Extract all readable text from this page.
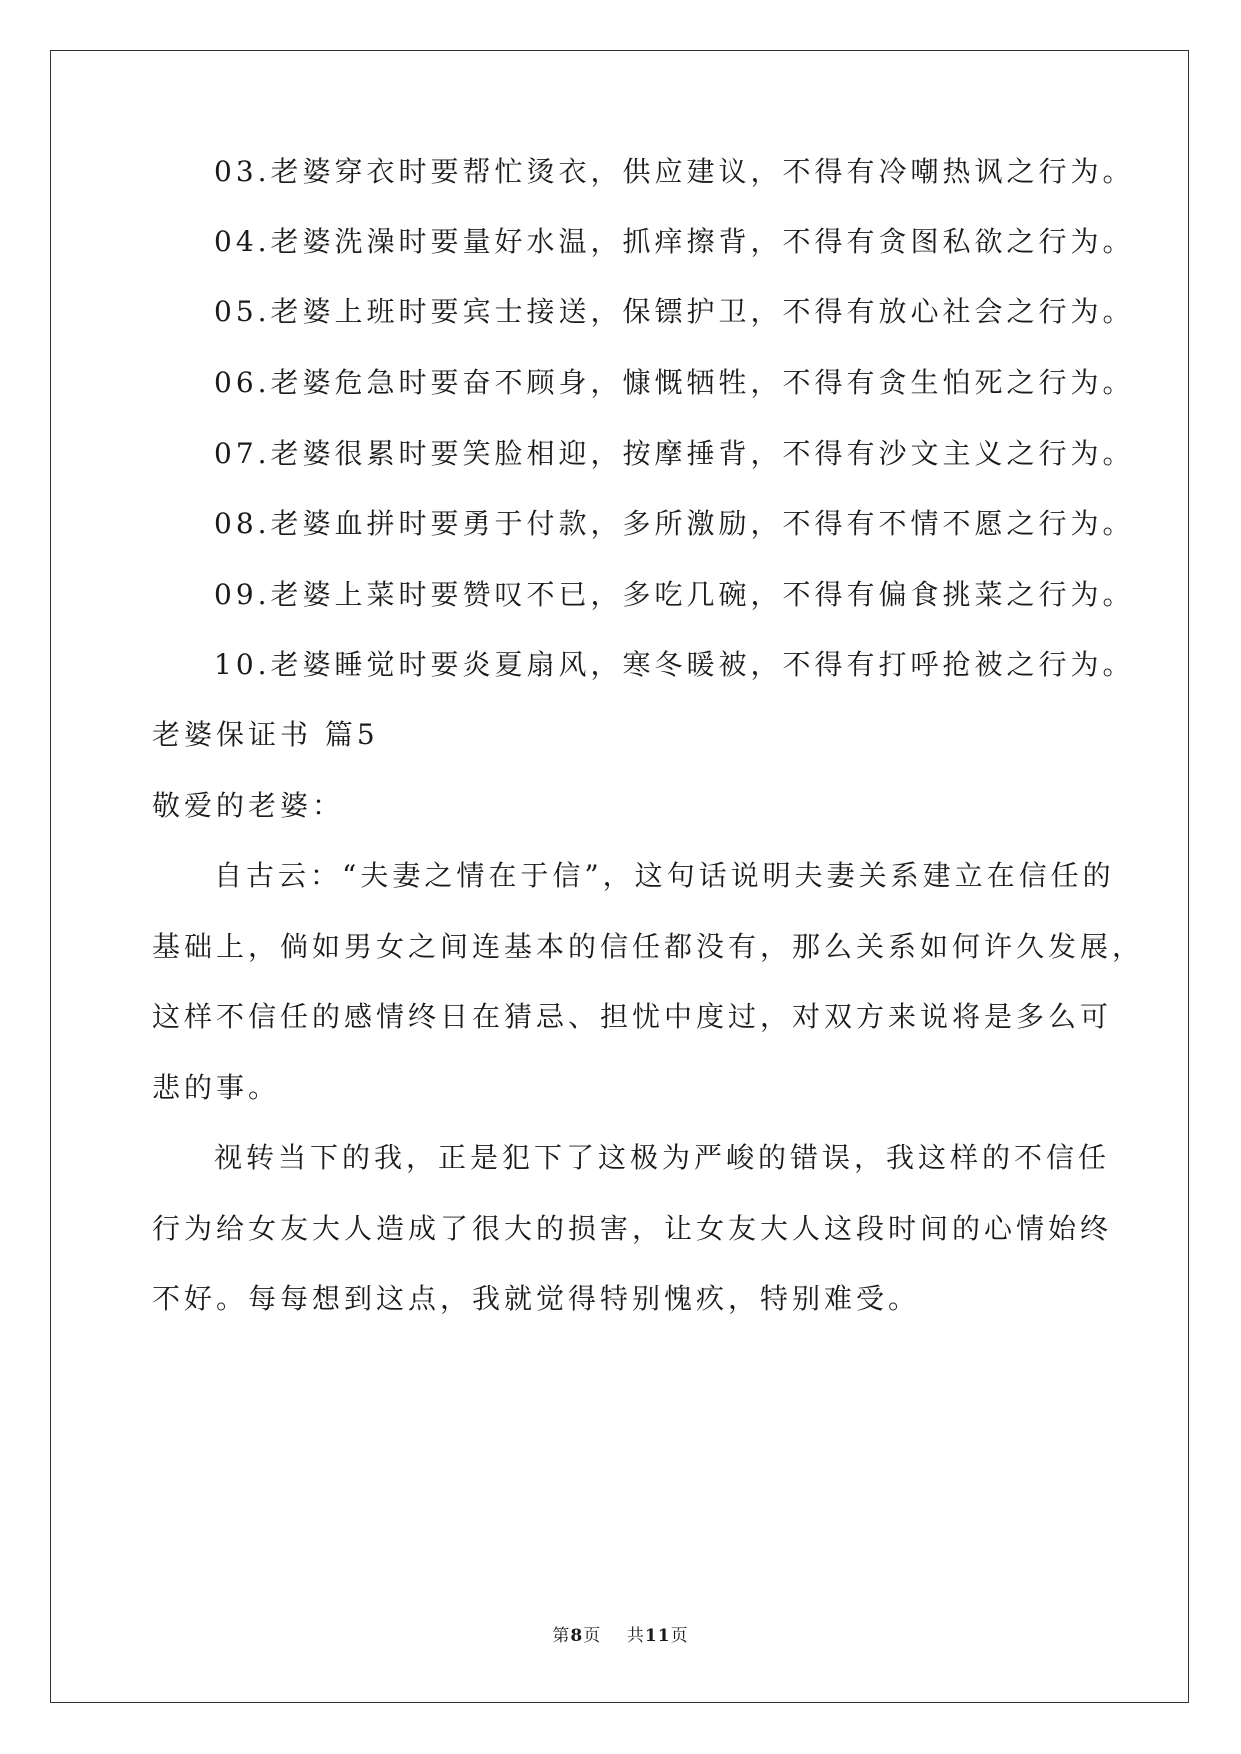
03.老婆穿衣时要帮忙烫衣，供应建议，不得有冷嘲热讽之行为。
04.老婆洗澡时要量好水温，抓痒擦背，不得有贪图私欲之行为。
05.老婆上班时要宾士接送，保镖护卫，不得有放心社会之行为。
06.老婆危急时要奋不顾身，慷慨牺牲，不得有贪生怕死之行为。
07.老婆很累时要笑脸相迎，按摩捶背，不得有沙文主义之行为。
08.老婆血拼时要勇于付款，多所激励，不得有不情不愿之行为。
09.老婆上菜时要赞叹不已，多吃几碗，不得有偏食挑菜之行为。
10.老婆睡觉时要炎夏扇风，寒冬暖被，不得有打呼抢被之行为。
老婆保证书 篇5
敬爱的老婆：
自古云：“夫妻之情在于信”，这句话说明夫妻关系建立在信任的
基础上，倘如男女之间连基本的信任都没有，那么关系如何许久发展，
这样不信任的感情终日在猜忌、担忧中度过，对双方来说将是多么可
悲的事。
视转当下的我，正是犯下了这极为严峻的错误，我这样的不信任
行为给女友大人造成了很大的损害，让女友大人这段时间的心情始终
不好。每每想到这点，我就觉得特别愧疚，特别难受。
第8页 共11页
